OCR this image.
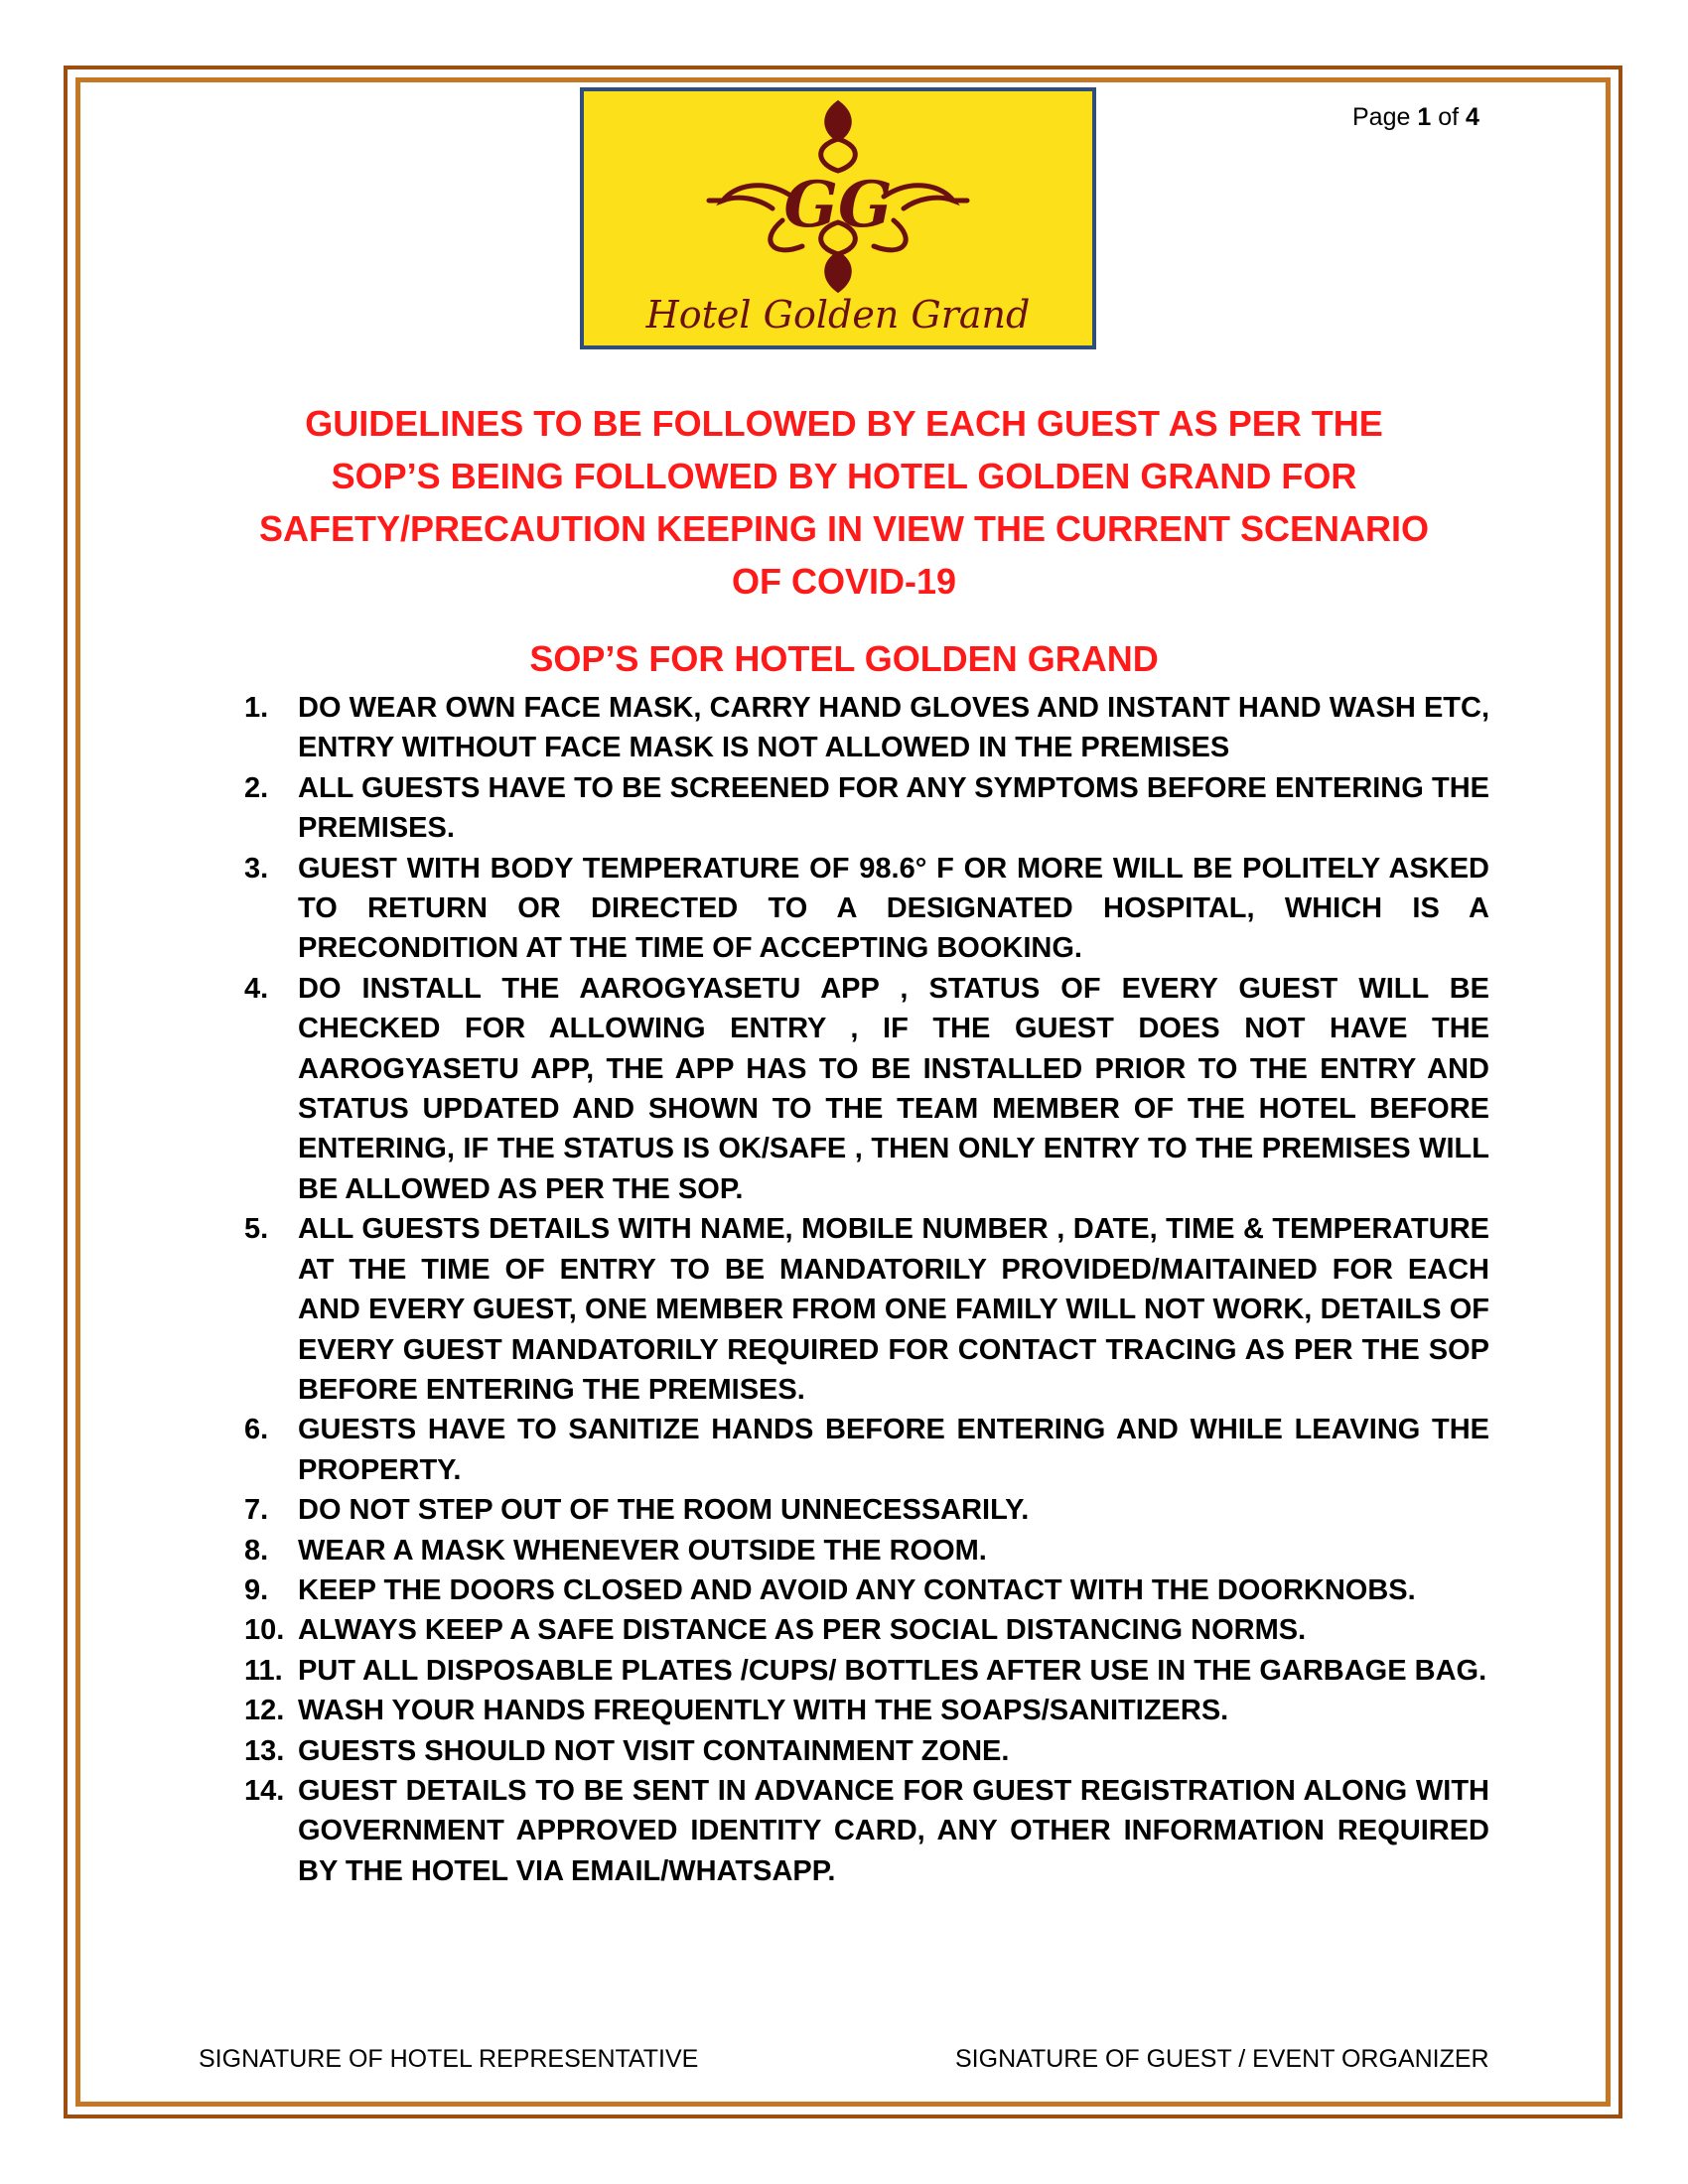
Page 1 of 4
GG
Hotel Golden Grand
GUIDELINES TO BE FOLLOWED BY EACH GUEST AS PER THE
SOP’S BEING FOLLOWED BY HOTEL GOLDEN GRAND FOR
SAFETY/PRECAUTION KEEPING IN VIEW THE CURRENT SCENARIO
OF COVID-19
SOP’S FOR HOTEL GOLDEN GRAND
1. DO WEAR OWN FACE MASK, CARRY HAND GLOVES AND INSTANT HAND WASH ETC, ENTRY WITHOUT FACE MASK IS NOT ALLOWED IN THE PREMISES
2. ALL GUESTS HAVE TO BE SCREENED FOR ANY SYMPTOMS BEFORE ENTERING THE PREMISES.
3. GUEST WITH BODY TEMPERATURE OF 98.6° F OR MORE WILL BE POLITELY ASKED TO RETURN OR DIRECTED TO A DESIGNATED HOSPITAL, WHICH IS A PRECONDITION AT THE TIME OF ACCEPTING BOOKING.
4. DO INSTALL THE AAROGYASETU APP , STATUS OF EVERY GUEST WILL BE CHECKED FOR ALLOWING ENTRY , IF THE GUEST DOES NOT HAVE THE AAROGYASETU APP, THE APP HAS TO BE INSTALLED PRIOR TO THE ENTRY AND STATUS UPDATED AND SHOWN TO THE TEAM MEMBER OF THE HOTEL BEFORE ENTERING, IF THE STATUS IS OK/SAFE , THEN ONLY ENTRY TO THE PREMISES WILL BE ALLOWED AS PER THE SOP.
5. ALL GUESTS DETAILS WITH NAME, MOBILE NUMBER , DATE, TIME & TEMPERATURE AT THE TIME OF ENTRY TO BE MANDATORILY PROVIDED/MAITAINED FOR EACH AND EVERY GUEST, ONE MEMBER FROM ONE FAMILY WILL NOT WORK, DETAILS OF EVERY GUEST MANDATORILY REQUIRED FOR CONTACT TRACING AS PER THE SOP BEFORE ENTERING THE PREMISES.
6. GUESTS HAVE TO SANITIZE HANDS BEFORE ENTERING AND WHILE LEAVING THE PROPERTY.
7. DO NOT STEP OUT OF THE ROOM UNNECESSARILY.
8. WEAR A MASK WHENEVER OUTSIDE THE ROOM.
9. KEEP THE DOORS CLOSED AND AVOID ANY CONTACT WITH THE DOORKNOBS.
10. ALWAYS KEEP A SAFE DISTANCE AS PER SOCIAL DISTANCING NORMS.
11. PUT ALL DISPOSABLE PLATES /CUPS/ BOTTLES AFTER USE IN THE GARBAGE BAG.
12. WASH YOUR HANDS FREQUENTLY WITH THE SOAPS/SANITIZERS.
13. GUESTS SHOULD NOT VISIT CONTAINMENT ZONE.
14. GUEST DETAILS TO BE SENT IN ADVANCE FOR GUEST REGISTRATION ALONG WITH GOVERNMENT APPROVED IDENTITY CARD, ANY OTHER INFORMATION REQUIRED BY THE HOTEL VIA EMAIL/WHATSAPP.
SIGNATURE OF HOTEL REPRESENTATIVE	SIGNATURE OF GUEST / EVENT ORGANIZER
